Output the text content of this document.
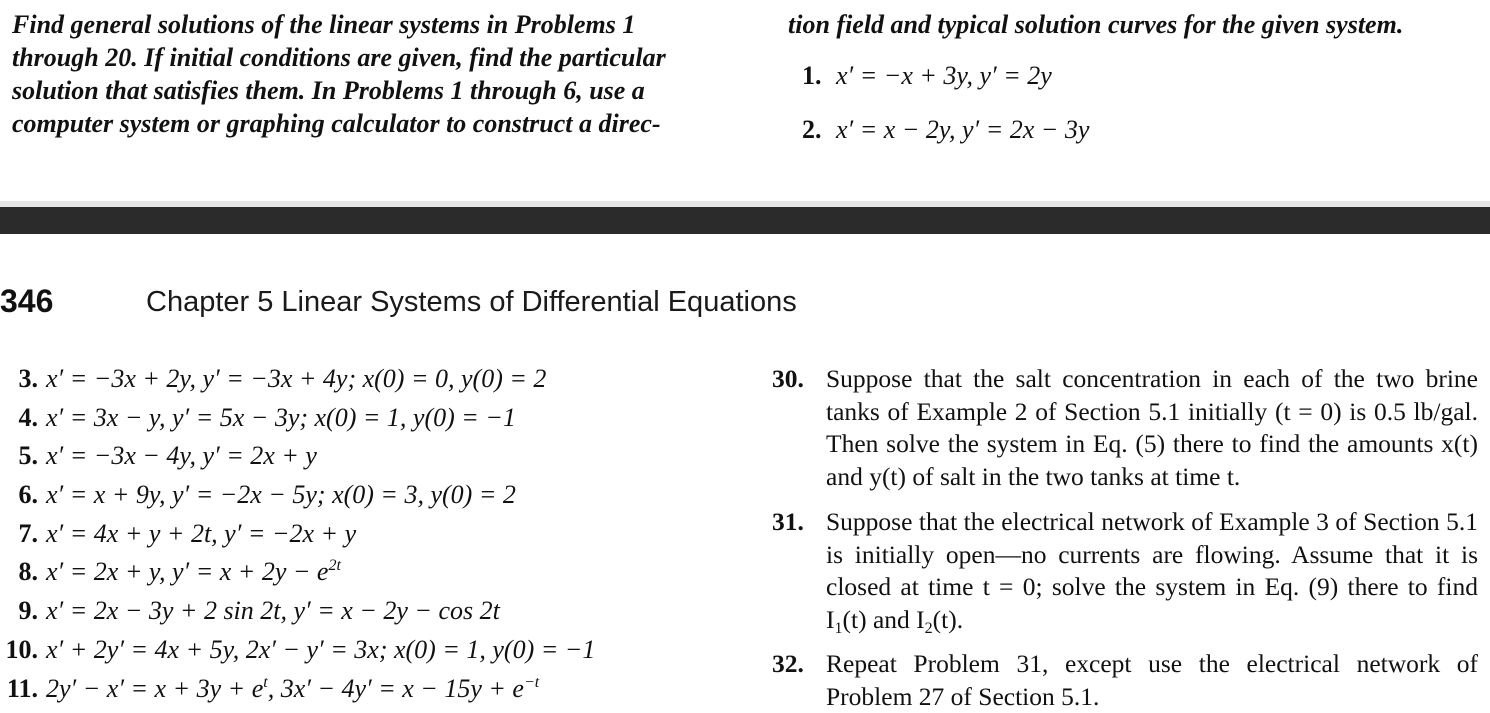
Find general solutions of the linear systems in Problems 1 through 20. If initial conditions are given, find the particular solution that satisfies them. In Problems 1 through 6, use a computer system or graphing calculator to construct a direc-
tion field and typical solution curves for the given system.
1. x′ = −x + 3y, y′ = 2y
2. x′ = x − 2y, y′ = 2x − 3y
346	Chapter 5 Linear Systems of Differential Equations
3. x′ = −3x + 2y, y′ = −3x + 4y; x(0) = 0, y(0) = 2
4. x′ = 3x − y, y′ = 5x − 3y; x(0) = 1, y(0) = −1
5. x′ = −3x − 4y, y′ = 2x + y
6. x′ = x + 9y, y′ = −2x − 5y; x(0) = 3, y(0) = 2
7. x′ = 4x + y + 2t, y′ = −2x + y
8. x′ = 2x + y, $y' = x + 2y - e^{2t}$
9. x′ = 2x − 3y + 2 sin 2t, y′ = x − 2y − cos 2t
10. x′ + 2y′ = 4x + 5y, 2x′ − y′ = 3x; x(0) = 1, y(0) = −1
11. $2y' - x' = x + 3y + e^t$, $3x' - 4y' = x - 15y + e^{-t}$
30. Suppose that the salt concentration in each of the two brine tanks of Example 2 of Section 5.1 initially (t = 0) is 0.5 lb/gal. Then solve the system in Eq. (5) there to find the amounts x(t) and y(t) of salt in the two tanks at time t.
31. Suppose that the electrical network of Example 3 of Section 5.1 is initially open—no currents are flowing. Assume that it is closed at time t = 0; solve the system in Eq. (9) there to find $I_1(t)$ and $I_2(t)$.
32. Repeat Problem 31, except use the electrical network of Problem 27 of Section 5.1.
